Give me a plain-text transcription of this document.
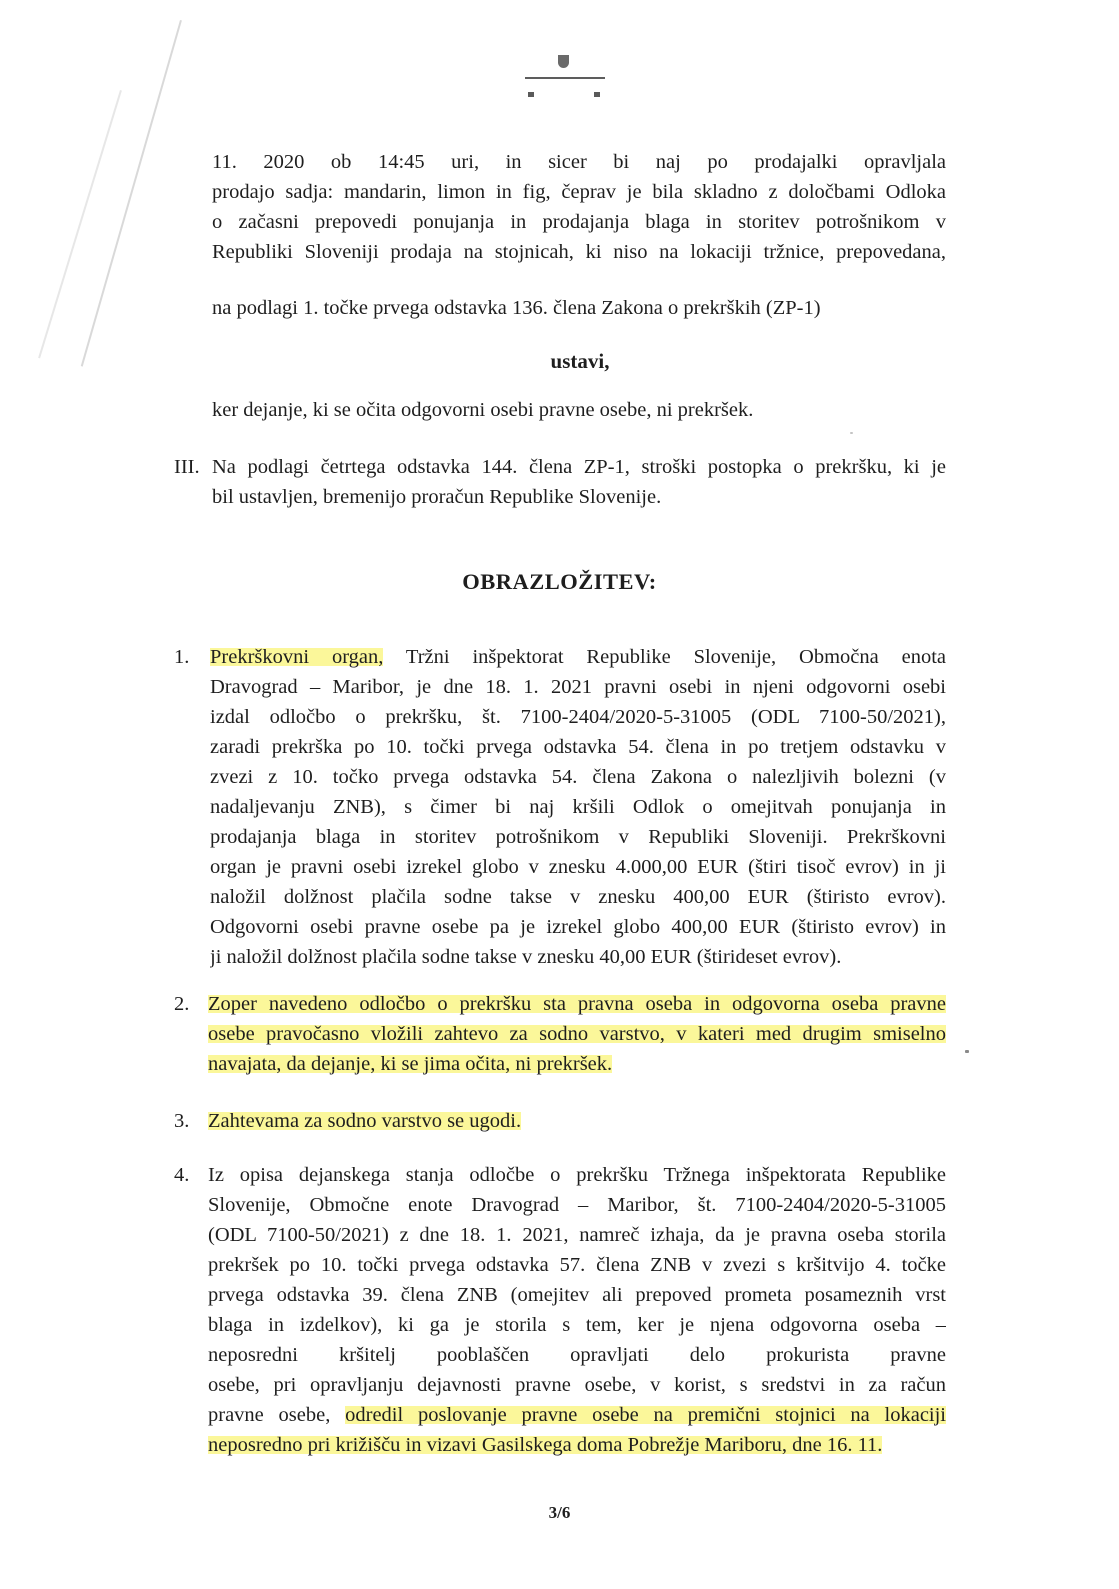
11. 2020 ob 14:45 uri, in sicer bi naj po prodajalki opravljala
prodajo sadja: mandarin, limon in fig, čeprav je bila skladno z določbami Odloka
o začasni prepovedi ponujanja in prodajanja blaga in storitev potrošnikom v
Republiki Sloveniji prodaja na stojnicah, ki niso na lokaciji tržnice, prepovedana,
na podlagi 1. točke prvega odstavka 136. člena Zakona o prekrških (ZP-1)
ustavi,
ker dejanje, ki se očita odgovorni osebi pravne osebe, ni prekršek.
III. Na podlagi četrtega odstavka 144. člena ZP-1, stroški postopka o prekršku, ki je
bil ustavljen, bremenijo proračun Republike Slovenije.
OBRAZLOŽITEV:
1. Prekrškovni organ, Tržni inšpektorat Republike Slovenije, Območna enota
Dravograd – Maribor, je dne 18. 1. 2021 pravni osebi in njeni odgovorni osebi
izdal odločbo o prekršku, št. 7100-2404/2020-5-31005 (ODL 7100-50/2021),
zaradi prekrška po 10. točki prvega odstavka 54. člena in po tretjem odstavku v
zvezi z 10. točko prvega odstavka 54. člena Zakona o nalezljivih bolezni (v
nadaljevanju ZNB), s čimer bi naj kršili Odlok o omejitvah ponujanja in
prodajanja blaga in storitev potrošnikom v Republiki Sloveniji. Prekrškovni
organ je pravni osebi izrekel globo v znesku 4.000,00 EUR (štiri tisoč evrov) in ji
naložil dolžnost plačila sodne takse v znesku 400,00 EUR (štiristo evrov).
Odgovorni osebi pravne osebe pa je izrekel globo 400,00 EUR (štiristo evrov) in
ji naložil dolžnost plačila sodne takse v znesku 40,00 EUR (štirideset evrov).
2. Zoper navedeno odločbo o prekršku sta pravna oseba in odgovorna oseba pravne
osebe pravočasno vložili zahtevo za sodno varstvo, v kateri med drugim smiselno
navajata, da dejanje, ki se jima očita, ni prekršek.
3. Zahtevama za sodno varstvo se ugodi.
4. Iz opisa dejanskega stanja odločbe o prekršku Tržnega inšpektorata Republike
Slovenije, Območne enote Dravograd – Maribor, št. 7100-2404/2020-5-31005
(ODL 7100-50/2021) z dne 18. 1. 2021, namreč izhaja, da je pravna oseba storila
prekršek po 10. točki prvega odstavka 57. člena ZNB v zvezi s kršitvijo 4. točke
prvega odstavka 39. člena ZNB (omejitev ali prepoved prometa posameznih vrst
blaga in izdelkov), ki ga je storila s tem, ker je njena odgovorna oseba –
neposredni kršitelj pooblaščen opravljati delo prokurista pravne
osebe, pri opravljanju dejavnosti pravne osebe, v korist, s sredstvi in za račun
pravne osebe, odredil poslovanje pravne osebe na premični stojnici na lokaciji
neposredno pri križišču in vizavi Gasilskega doma Pobrežje Mariboru, dne 16. 11.
3/6
